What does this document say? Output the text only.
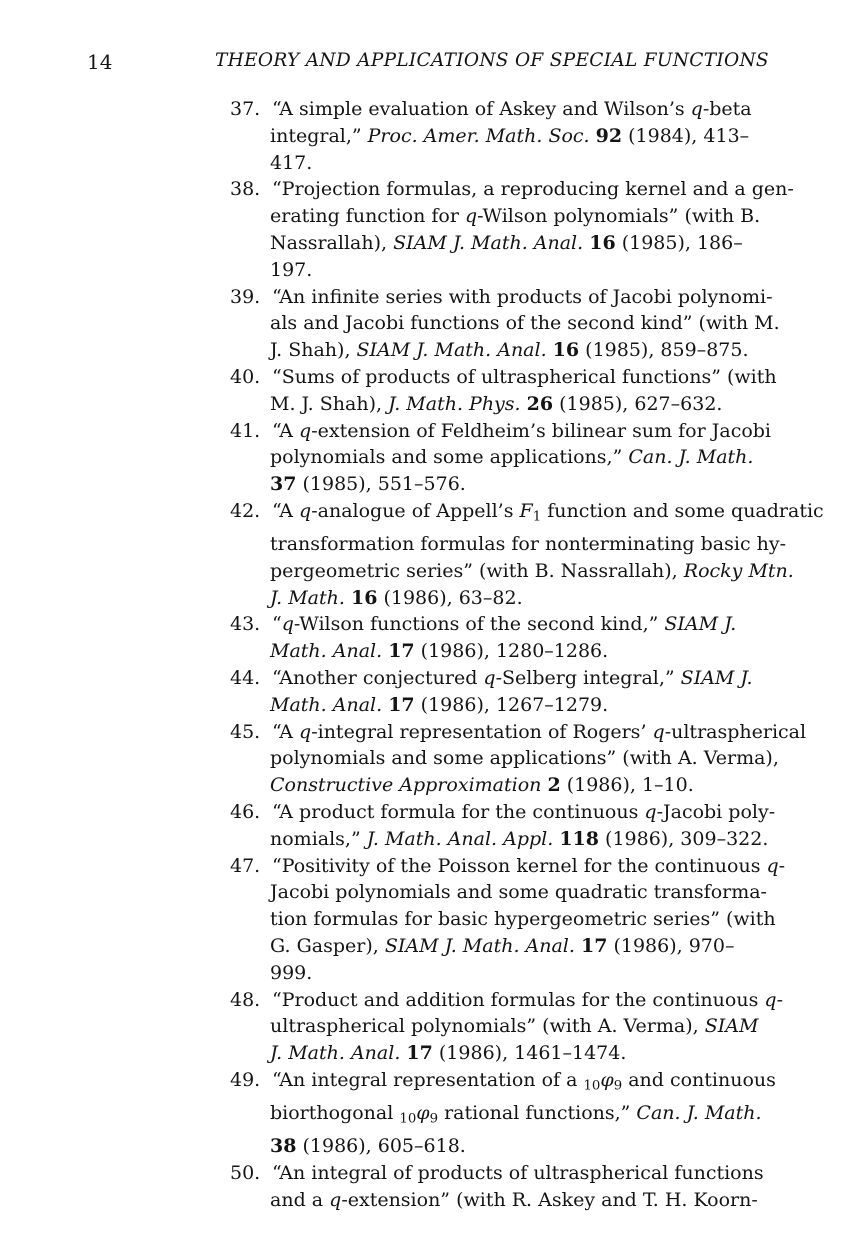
14	THEORY AND APPLICATIONS OF SPECIAL FUNCTIONS
37. “A simple evaluation of Askey and Wilson’s q-beta
integral,” Proc. Amer. Math. Soc. 92 (1984), 413–
417.
38. “Projection formulas, a reproducing kernel and a gen-
erating function for q-Wilson polynomials” (with B.
Nassrallah), SIAM J. Math. Anal. 16 (1985), 186–
197.
39. “An infinite series with products of Jacobi polynomi-
als and Jacobi functions of the second kind” (with M.
J. Shah), SIAM J. Math. Anal. 16 (1985), 859–875.
40. “Sums of products of ultraspherical functions” (with
M. J. Shah), J. Math. Phys. 26 (1985), 627–632.
41. “A q-extension of Feldheim’s bilinear sum for Jacobi
polynomials and some applications,” Can. J. Math.
37 (1985), 551–576.
42. “A q-analogue of Appell’s $F_1$ function and some quadratic
transformation formulas for nonterminating basic hy-
pergeometric series” (with B. Nassrallah), Rocky Mtn.
J. Math. 16 (1986), 63–82.
43. “q-Wilson functions of the second kind,” SIAM J.
Math. Anal. 17 (1986), 1280–1286.
44. “Another conjectured q-Selberg integral,” SIAM J.
Math. Anal. 17 (1986), 1267–1279.
45. “A q-integral representation of Rogers’ q-ultraspherical
polynomials and some applications” (with A. Verma),
Constructive Approximation 2 (1986), 1–10.
46. “A product formula for the continuous q-Jacobi poly-
nomials,” J. Math. Anal. Appl. 118 (1986), 309–322.
47. “Positivity of the Poisson kernel for the continuous q-
Jacobi polynomials and some quadratic transforma-
tion formulas for basic hypergeometric series” (with
G. Gasper), SIAM J. Math. Anal. 17 (1986), 970–
999.
48. “Product and addition formulas for the continuous q-
ultraspherical polynomials” (with A. Verma), SIAM
J. Math. Anal. 17 (1986), 1461–1474.
49. “An integral representation of a $_{10}\varphi_9$ and continuous
biorthogonal $_{10}\varphi_9$ rational functions,” Can. J. Math.
38 (1986), 605–618.
50. “An integral of products of ultraspherical functions
and a q-extension” (with R. Askey and T. H. Koorn-
